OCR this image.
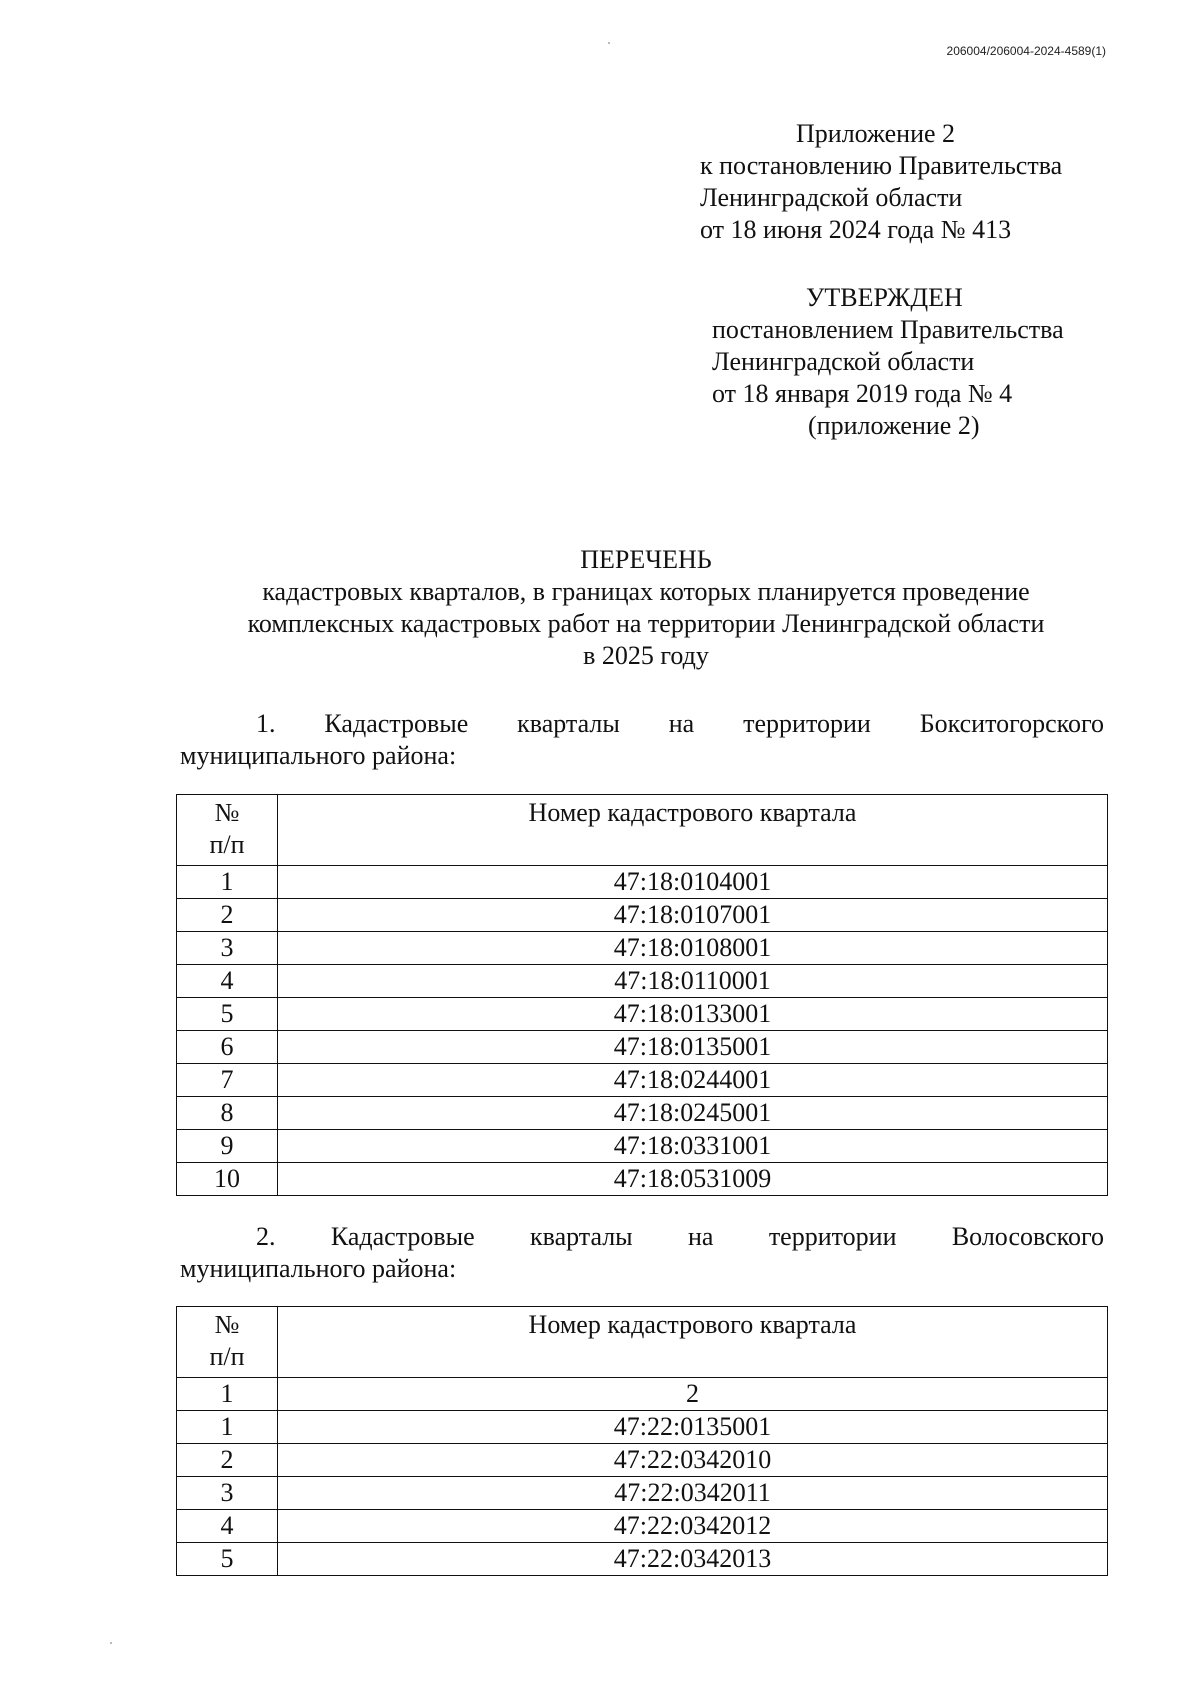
206004/206004-2024-4589(1)
Приложение 2
к постановлению Правительства
Ленинградской области
от 18 июня 2024 года № 413
УТВЕРЖДЕН
постановлением Правительства
Ленинградской области
от 18 января 2019 года № 4
(приложение 2)
ПЕРЕЧЕНЬ
кадастровых кварталов, в границах которых планируется проведение
комплексных кадастровых работ на территории Ленинградской области
в 2025 году
1. Кадастровые кварталы на территории Бокситогорского
муниципального района:
№
п/п	Номер кадастрового квартала
1	47:18:0104001
2	47:18:0107001
3	47:18:0108001
4	47:18:0110001
5	47:18:0133001
6	47:18:0135001
7	47:18:0244001
8	47:18:0245001
9	47:18:0331001
10	47:18:0531009
2. Кадастровые кварталы на территории Волосовского
муниципального района:
№
п/п	Номер кадастрового квартала
1	2
1	47:22:0135001
2	47:22:0342010
3	47:22:0342011
4	47:22:0342012
5	47:22:0342013
